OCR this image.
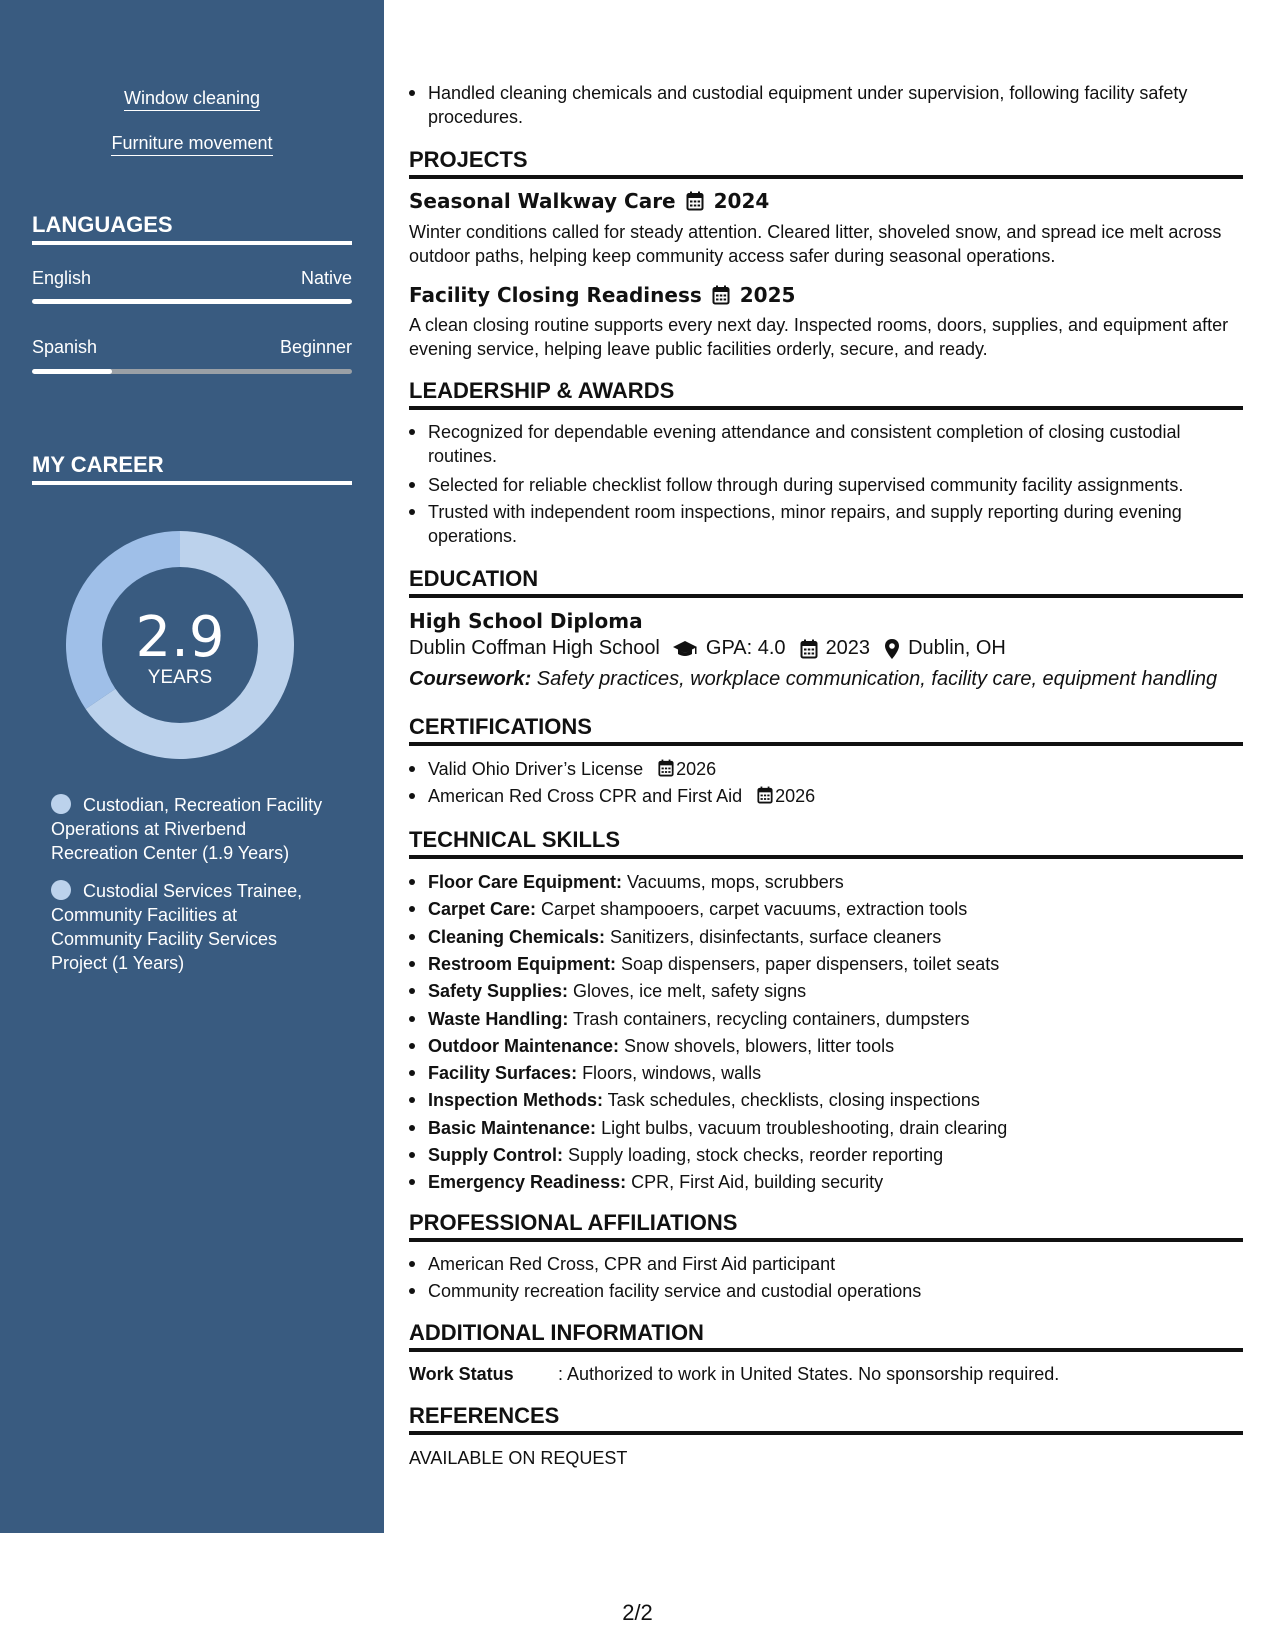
Window cleaning
Furniture movement
LANGUAGES
English	Native
Spanish	Beginner
MY CAREER
2.9
YEARS
Custodian, Recreation Facility Operations at Riverbend Recreation Center (1.9 Years)
Custodial Services Trainee, Community Facilities at Community Facility Services Project (1 Years)
Handled cleaning chemicals and custodial equipment under supervision, following facility safety procedures.
PROJECTS
Seasonal Walkway Care 2024
Winter conditions called for steady attention. Cleared litter, shoveled snow, and spread ice melt across outdoor paths, helping keep community access safer during seasonal operations.
Facility Closing Readiness 2025
A clean closing routine supports every next day. Inspected rooms, doors, supplies, and equipment after evening service, helping leave public facilities orderly, secure, and ready.
LEADERSHIP & AWARDS
Recognized for dependable evening attendance and consistent completion of closing custodial routines.
Selected for reliable checklist follow through during supervised community facility assignments.
Trusted with independent room inspections, minor repairs, and supply reporting during evening operations.
EDUCATION
High School Diploma
Dublin Coffman High School GPA: 4.0 2023 Dublin, OH
Coursework: Safety practices, workplace communication, facility care, equipment handling
CERTIFICATIONS
Valid Ohio Driver’s License 2026
American Red Cross CPR and First Aid 2026
TECHNICAL SKILLS
Floor Care Equipment: Vacuums, mops, scrubbers
Carpet Care: Carpet shampooers, carpet vacuums, extraction tools
Cleaning Chemicals: Sanitizers, disinfectants, surface cleaners
Restroom Equipment: Soap dispensers, paper dispensers, toilet seats
Safety Supplies: Gloves, ice melt, safety signs
Waste Handling: Trash containers, recycling containers, dumpsters
Outdoor Maintenance: Snow shovels, blowers, litter tools
Facility Surfaces: Floors, windows, walls
Inspection Methods: Task schedules, checklists, closing inspections
Basic Maintenance: Light bulbs, vacuum troubleshooting, drain clearing
Supply Control: Supply loading, stock checks, reorder reporting
Emergency Readiness: CPR, First Aid, building security
PROFESSIONAL AFFILIATIONS
American Red Cross, CPR and First Aid participant
Community recreation facility service and custodial operations
ADDITIONAL INFORMATION
Work Status : Authorized to work in United States. No sponsorship required.
REFERENCES
AVAILABLE ON REQUEST
2/2
